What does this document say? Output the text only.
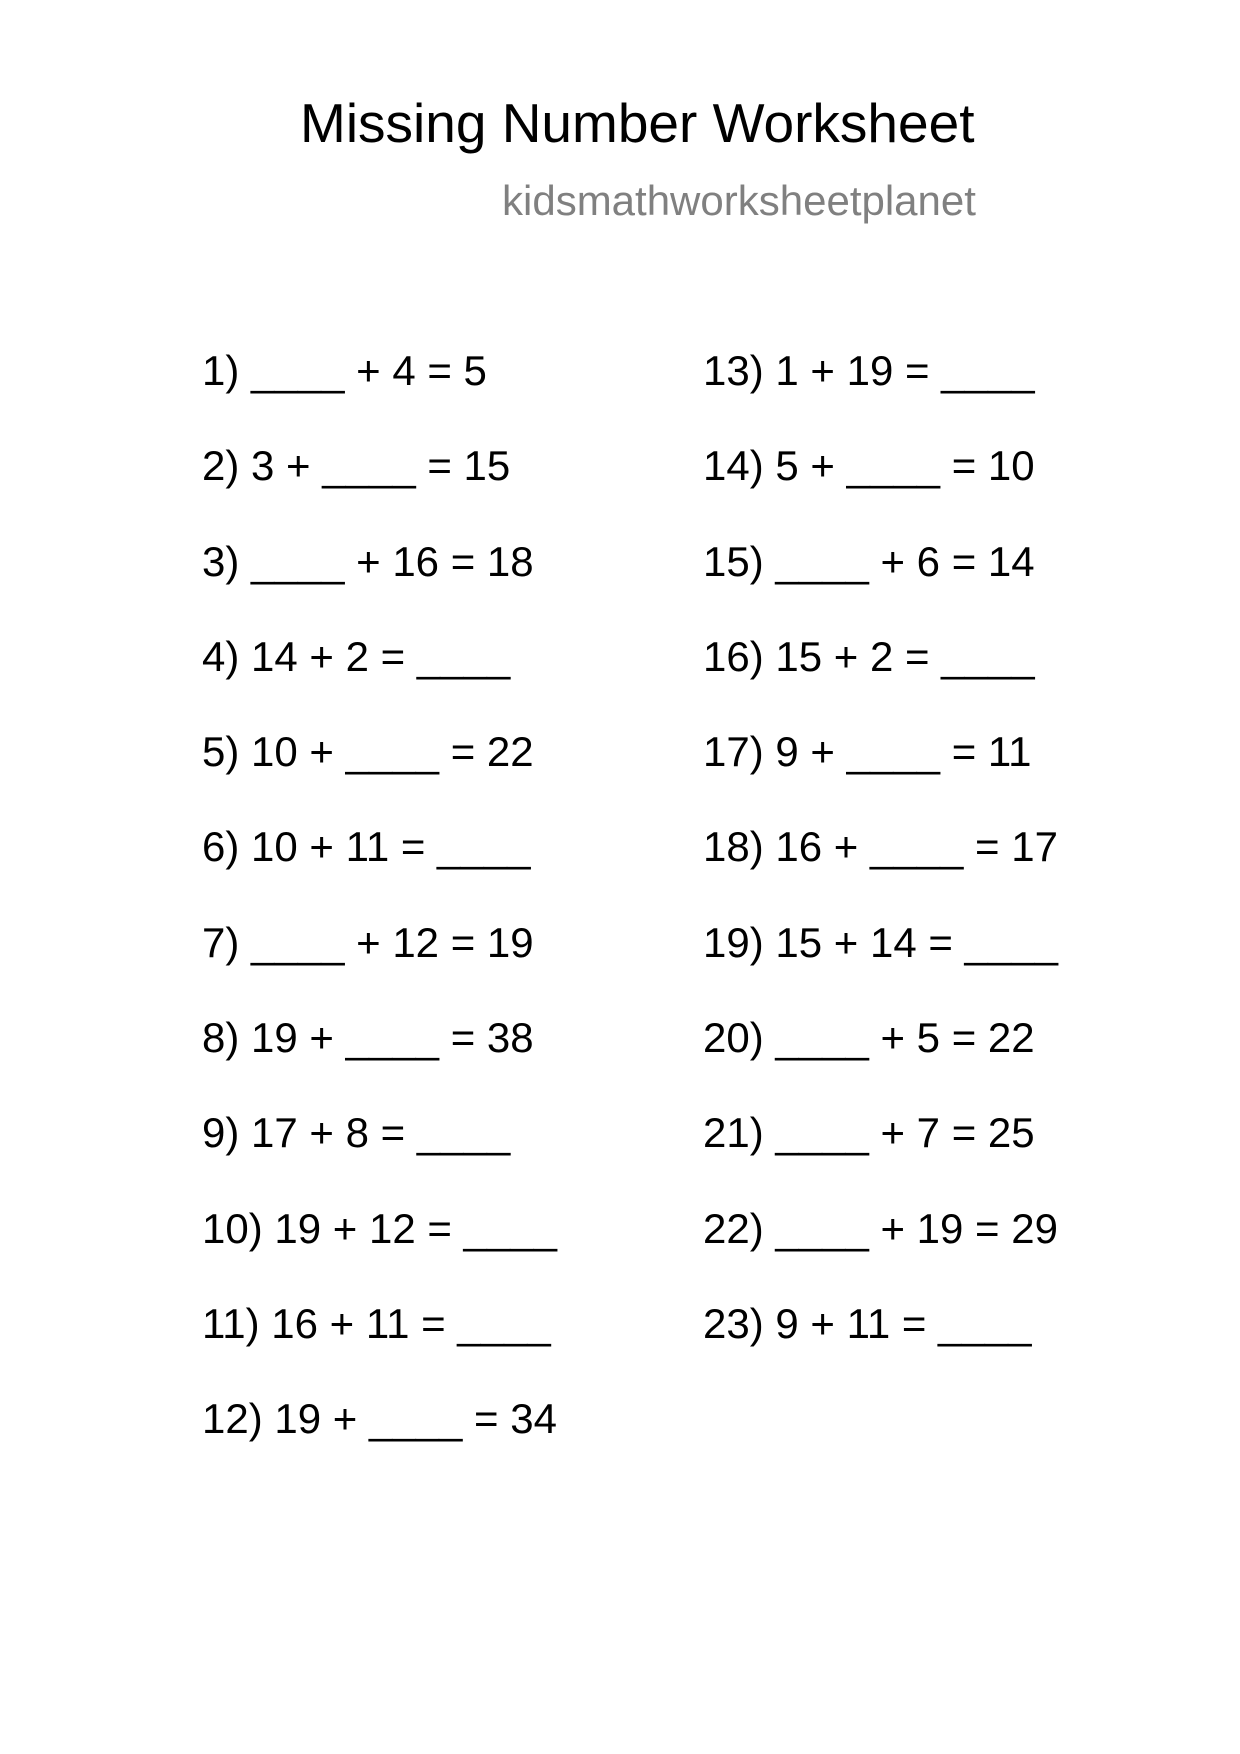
Missing Number Worksheet
kidsmathworksheetplanet
1) ____ + 4 = 5
2) 3 + ____ = 15
3) ____ + 16 = 18
4) 14 + 2 = ____
5) 10 + ____ = 22
6) 10 + 11 = ____
7) ____ + 12 = 19
8) 19 + ____ = 38
9) 17 + 8 = ____
10) 19 + 12 = ____
11) 16 + 11 = ____
12) 19 + ____ = 34
13) 1 + 19 = ____
14) 5 + ____ = 10
15) ____ + 6 = 14
16) 15 + 2 = ____
17) 9 + ____ = 11
18) 16 + ____ = 17
19) 15 + 14 = ____
20) ____ + 5 = 22
21) ____ + 7 = 25
22) ____ + 19 = 29
23) 9 + 11 = ____
